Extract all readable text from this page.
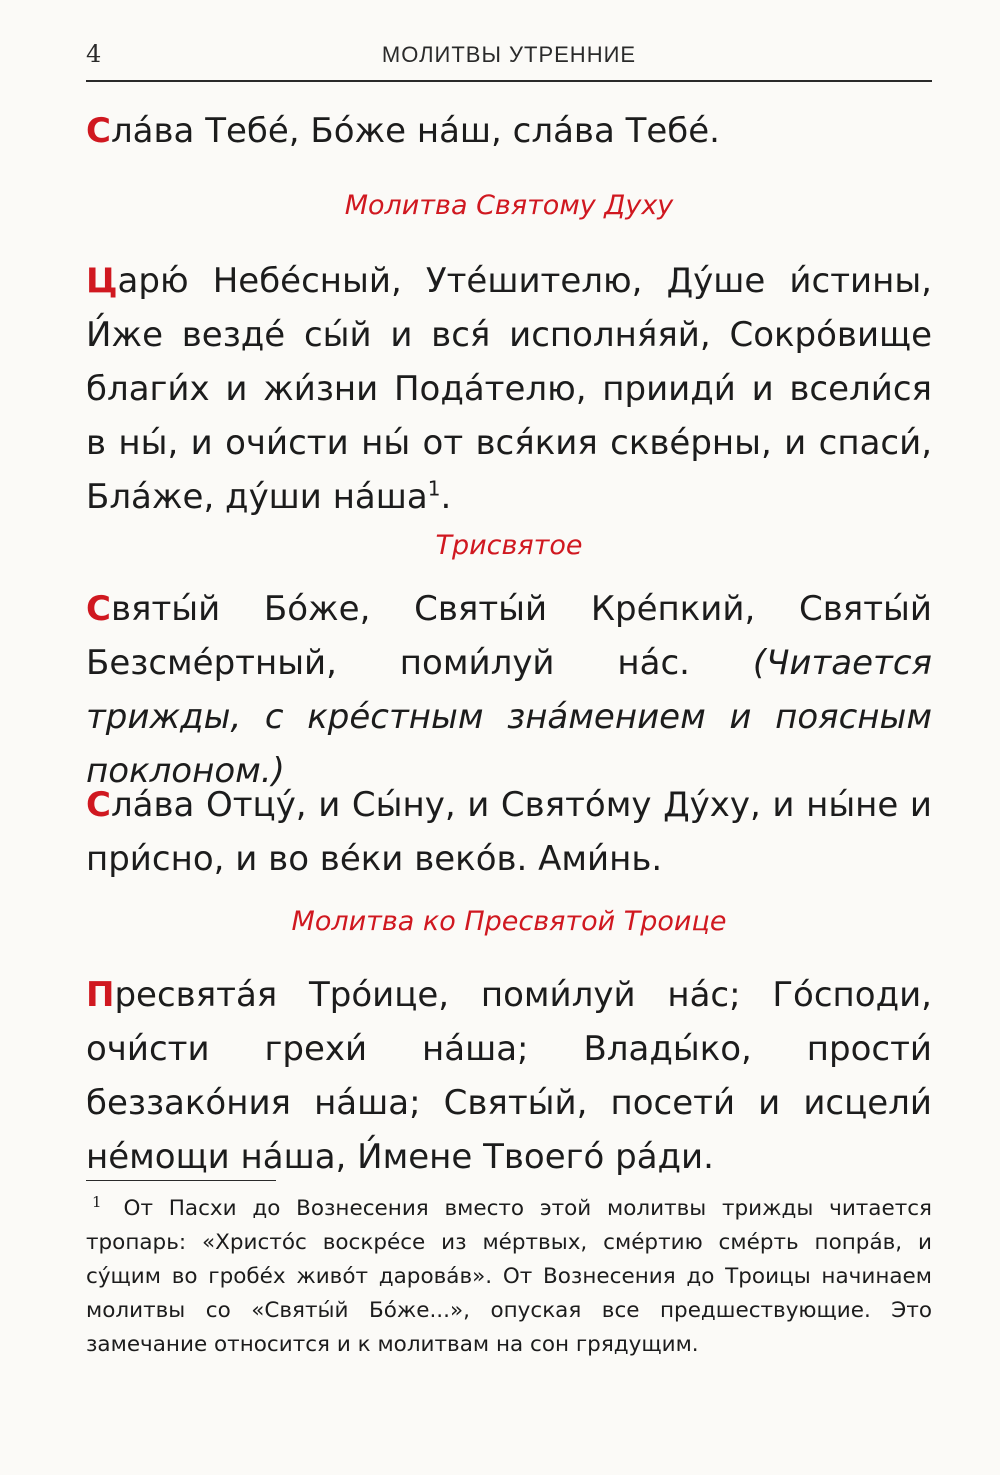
4	МОЛИТВЫ УТРЕННИЕ

Сла́ва Тебе́, Бо́же на́ш, сла́ва Тебе́.

Молитва Святому Духу

Царю́ Небе́сный, Уте́шителю, Ду́ше и́стины, И́же везде́ сы́й и вся́ исполня́яй, Сокро́вище благи́х и жи́зни Пода́телю, прииди́ и всели́ся в ны́, и очи́сти ны́ от вся́кия скве́рны, и спаси́, Бла́же, ду́ши на́ша$^1$.

Трисвятое

Святы́й Бо́же, Святы́й Кре́пкий, Святы́й Безсме́ртный, поми́луй на́с. (Читается трижды, с кре́стным зна́мением и поясным поклоном.)

Сла́ва Отцу́, и Сы́ну, и Свято́му Ду́ху, и ны́не и при́сно, и во ве́ки веко́в. Ами́нь.

Молитва ко Пресвятой Троице

Пресвята́я Тро́ице, поми́луй на́с; Го́споди, очи́сти грехи́ на́ша; Влады́ко, прости́ беззако́ния на́ша; Святы́й, посети́ и исцели́ не́мощи на́ша, И́мене Твоего́ ра́ди.

1 От Пасхи до Вознесения вместо этой молитвы трижды читается тропарь: «Христо́с воскре́се из ме́ртвых, сме́ртию сме́рть попра́в, и су́щим во гробе́х живо́т дарова́в». От Вознесения до Троицы начинаем молитвы со «Святы́й Бо́же...», опуская все предшествующие. Это замечание относится и к молитвам на сон грядущим.
